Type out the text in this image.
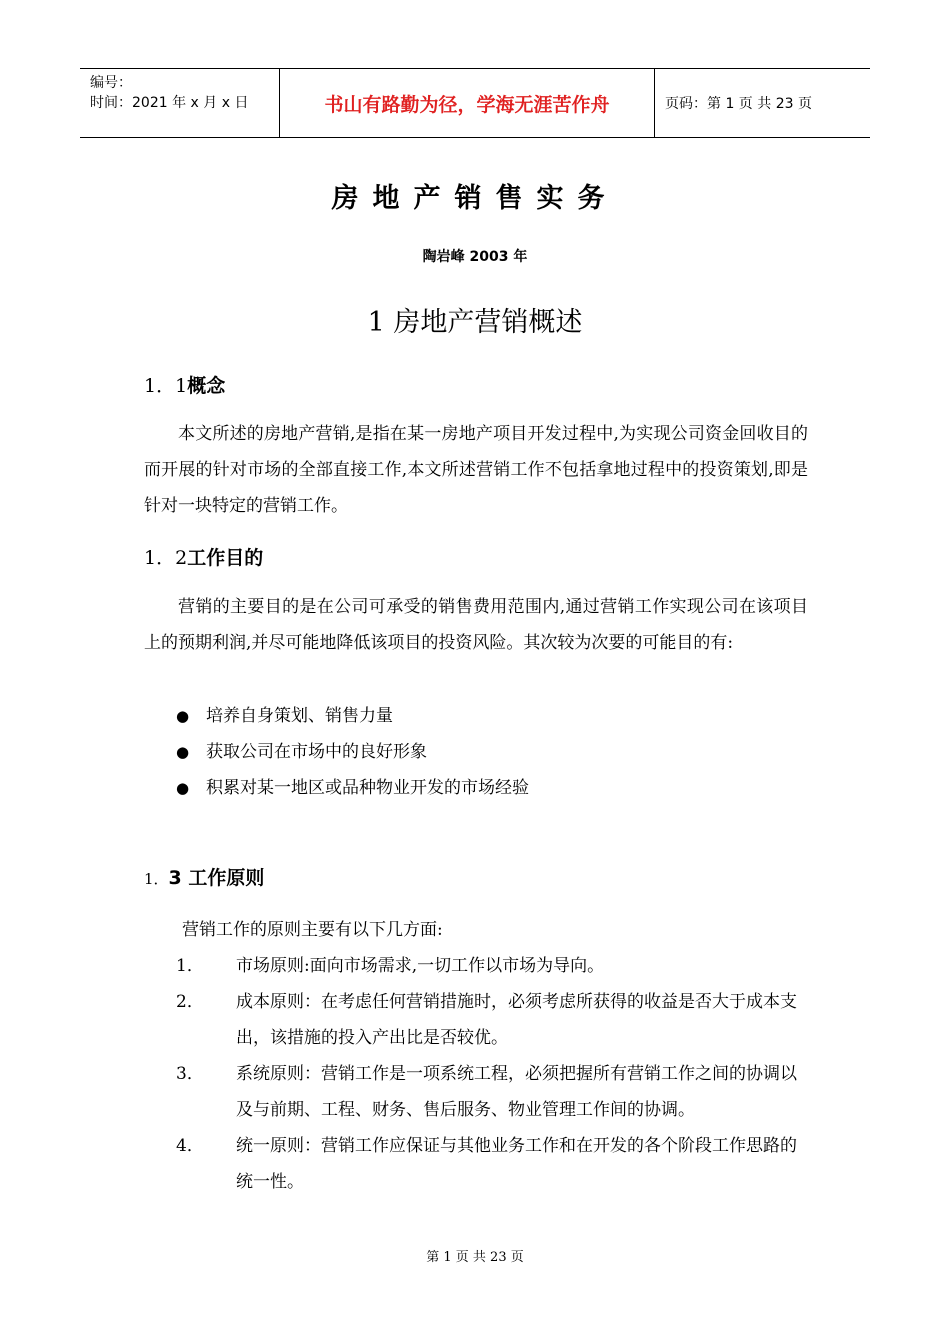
编号：
时间：2021 年 x 月 x 日	书山有路勤为径，学海无涯苦作舟	页码：第 1 页 共 23 页
房地产销售实务
陶岩峰 2003 年
1 房地产营销概述
1．1概念
本文所述的房地产营销,是指在某一房地产项目开发过程中,为实现公司资金回收目的而开展的针对市场的全部直接工作,本文所述营销工作不包括拿地过程中的投资策划,即是针对一块特定的营销工作。
1．2工作目的
营销的主要目的是在公司可承受的销售费用范围内,通过营销工作实现公司在该项目上的预期利润,并尽可能地降低该项目的投资风险。其次较为次要的可能目的有:
● 培养自身策划、销售力量
● 获取公司在市场中的良好形象
● 积累对某一地区或品种物业开发的市场经验
1．3 工作原则
营销工作的原则主要有以下几方面:
1． 市场原则:面向市场需求,一切工作以市场为导向。
2． 成本原则：在考虑任何营销措施时，必须考虑所获得的收益是否大于成本支出，该措施的投入产出比是否较优。
3． 系统原则：营销工作是一项系统工程，必须把握所有营销工作之间的协调以及与前期、工程、财务、售后服务、物业管理工作间的协调。
4． 统一原则：营销工作应保证与其他业务工作和在开发的各个阶段工作思路的统一性。
第 1 页 共 23 页
